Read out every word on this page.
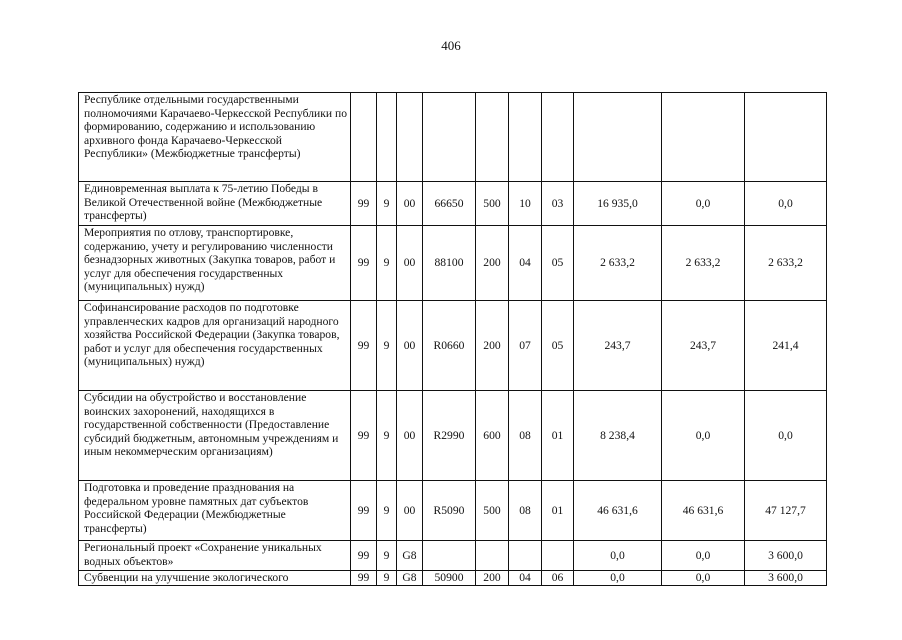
406
Республике отдельными государственными полномочиями Карачаево-Черкесской Республики по формированию, содержанию и использованию архивного фонда Карачаево-Черкесской Республики» (Межбюджетные трансферты)										
Единовременная выплата к 75-летию Победы в Великой Отечественной войне (Межбюджетные трансферты)	99	9	00	66650	500	10	03	16 935,0	0,0	0,0
Мероприятия по отлову, транспортировке, содержанию, учету и регулированию численности безнадзорных животных (Закупка товаров, работ и услуг для обеспечения государственных (муниципальных) нужд)	99	9	00	88100	200	04	05	2 633,2	2 633,2	2 633,2
Софинансирование расходов по подготовке управленческих кадров для организаций народного хозяйства Российской Федерации (Закупка товаров, работ и услуг для обеспечения государственных (муниципальных) нужд)	99	9	00	R0660	200	07	05	243,7	243,7	241,4
Субсидии на обустройство и восстановление воинских захоронений, находящихся в государственной собственности (Предоставление субсидий бюджетным, автономным учреждениям и иным некоммерческим организациям)	99	9	00	R2990	600	08	01	8 238,4	0,0	0,0
Подготовка и проведение празднования на федеральном уровне памятных дат субъектов Российской Федерации (Межбюджетные трансферты)	99	9	00	R5090	500	08	01	46 631,6	46 631,6	47 127,7
Региональный проект «Сохранение уникальных водных объектов»	99	9	G8					0,0	0,0	3 600,0
Субвенции на улучшение экологического	99	9	G8	50900	200	04	06	0,0	0,0	3 600,0
